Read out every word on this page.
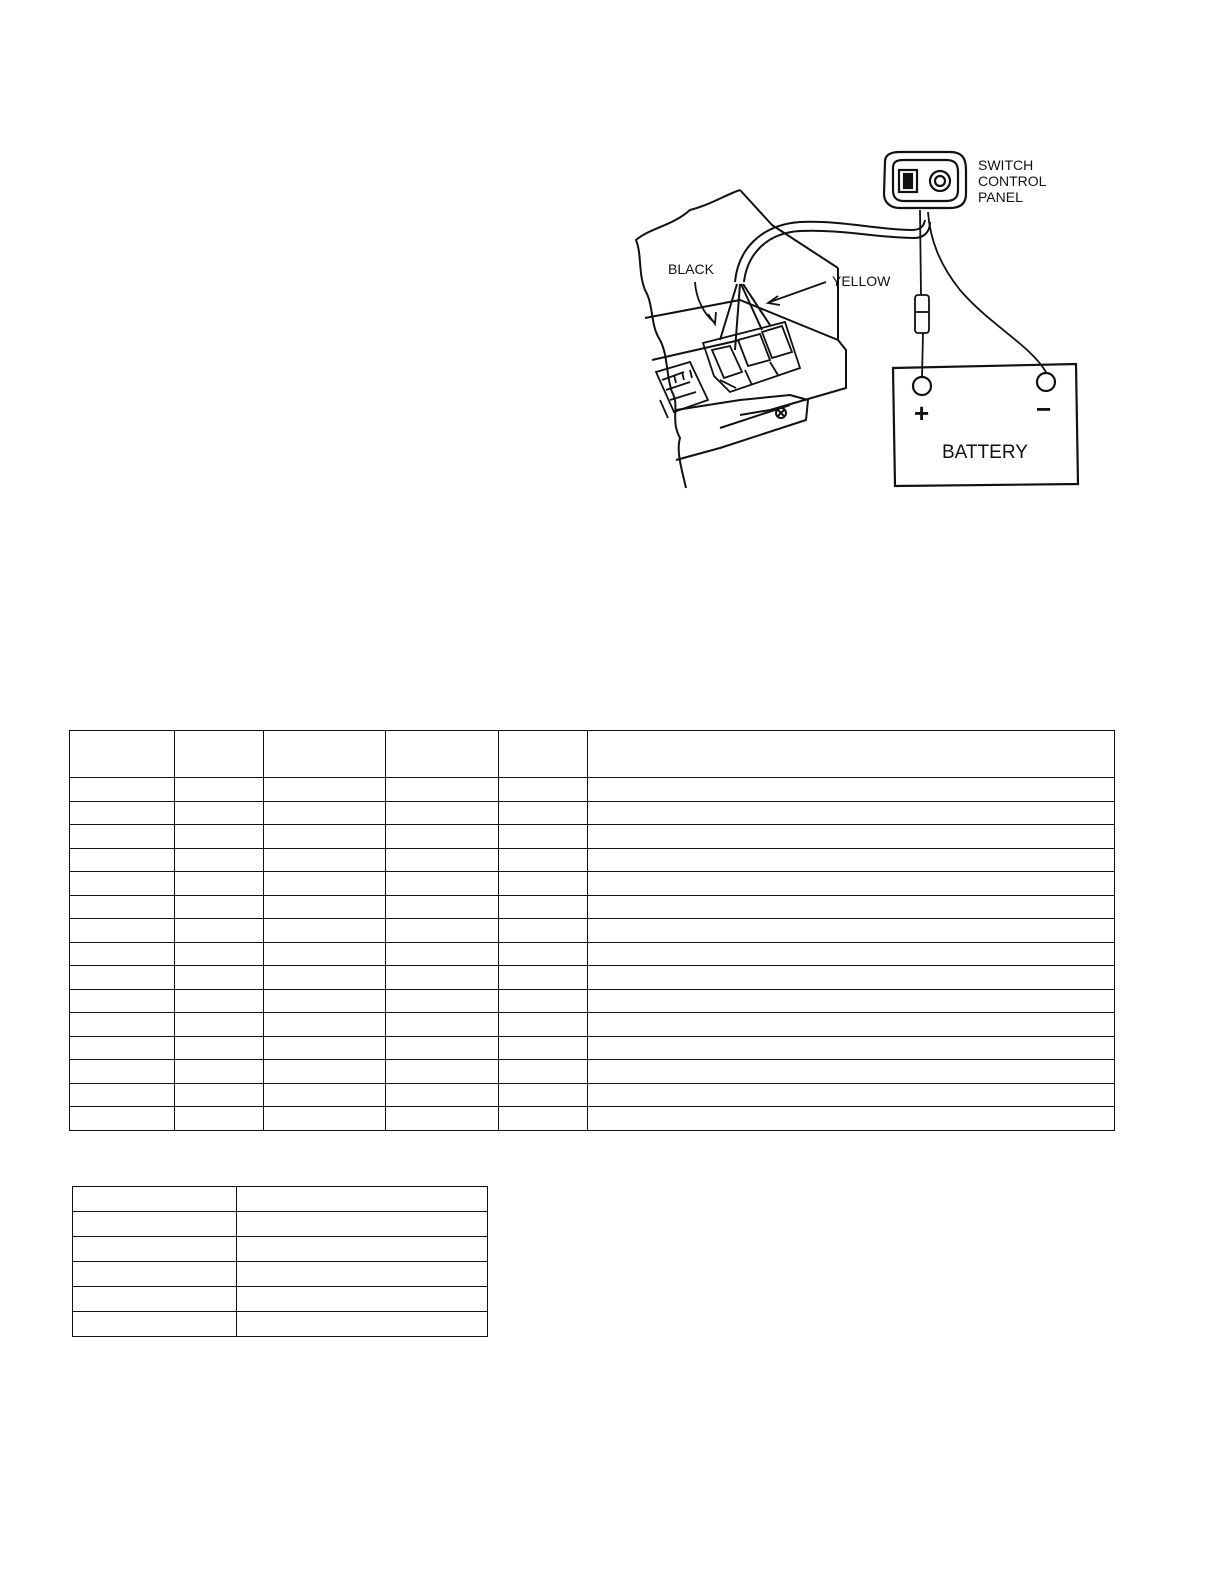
SWITCH
CONTROL
PANEL
+	−
BATTERY
BLACK
YELLOW
